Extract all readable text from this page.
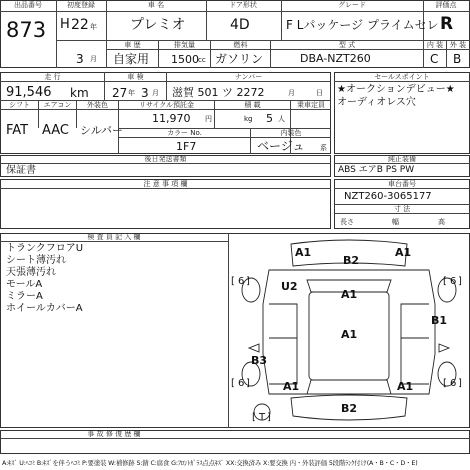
出品番号	初度登録	車 名	ドア形状	グレード	評価点
873 H 22 年 プレミオ	4D	F Lパッケージ プライムセレ R
車 歴	排気量	燃料	型 式	内 装 外 装
3 月 自家用 1500 cc ガソリン	DBA-NZT260	C B
走 行	車 検	ナンバー
91,546 km 27 年 3 月 滋賀 501 ツ 2272	月	日
シフト	エアコン	外装色	リサイクル預託金	積 載	乗車定員
FAT AAC シルバー
11,970 円	kg 5 人
カラー No.	内装色
1F7	ベージュ 系
セールスポイント
★オークションデビュー★
オーディオレス穴
後日発送書類
保証書
純正装備
ABS エアB PS PW
注 意 事 項 欄	車台番号
NZT260-3065177
寸 法
長さ	幅	高
検 査 員 記 入 欄
トランクフロアU
シート薄汚れ
天張薄汚れ
モールA
ミラーA
ホイールカバーA
A1	A1
B2
U2
A1
A1
B1
B3
A1	A1
B2
[ 6 ]	[ 6 ]
[ 6 ]	[ 6 ]
[ T ]
事 故 修 復 歴 欄
A:ｷｽﾞ U:ﾍｺﾐ B:ｷｽﾞを伴うﾍｺﾐ P:要塗装 W:補修跡 S:錆 C:腐食 G:ﾌﾛﾝﾄｶﾞﾗｽ点点ｷｽﾞ XX:交換済み X:要交換 内・外装評価 5段階ﾗﾝｸ付け(A・B・C・D・E)
